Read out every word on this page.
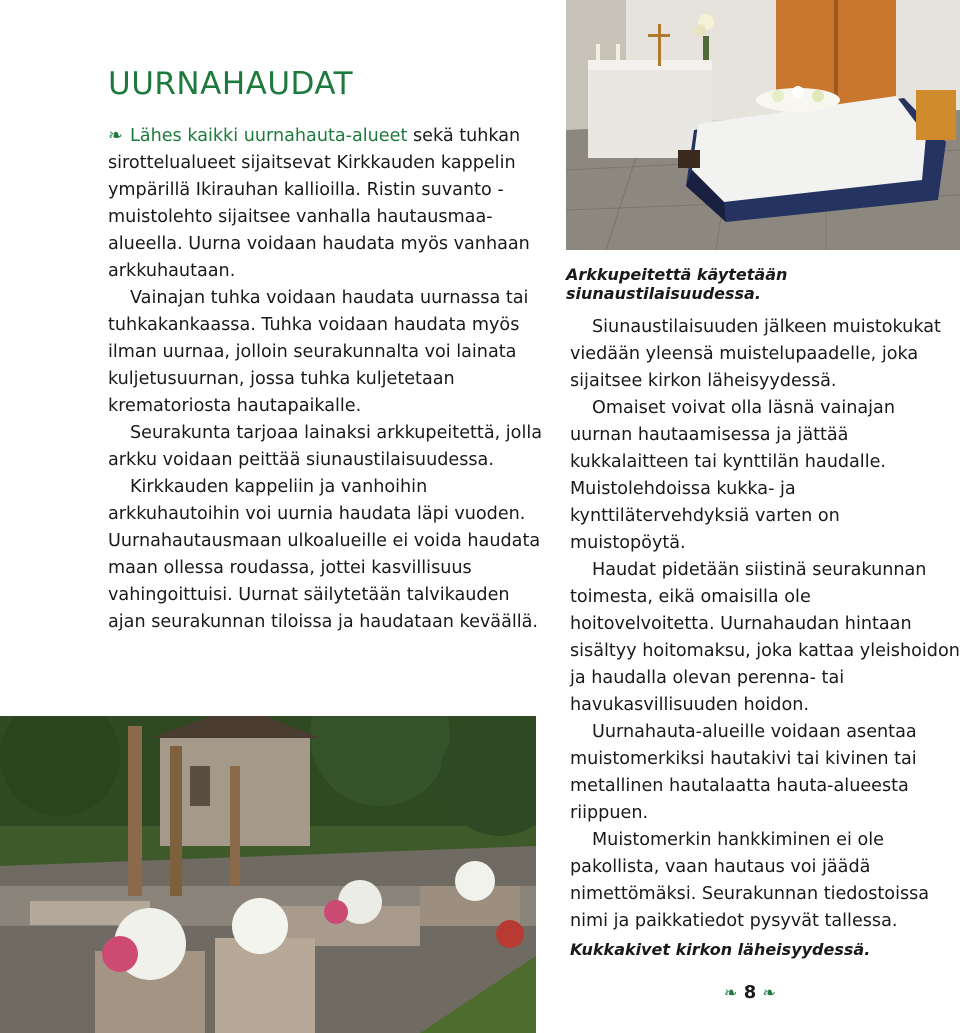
UURNAHAUDAT

❧ Lähes kaikki uurnahauta-alueet sekä tuhkan sirottelualueet sijaitsevat Kirkkauden kappelin ympärillä Ikirauhan kallioilla. Ristin suvanto -muistolehto sijaitsee vanhalla hautausmaa-alueella. Uurna voidaan haudata myös vanhaan arkkuhautaan.

Vainajan tuhka voidaan haudata uurnassa tai tuhkakankaassa. Tuhka voidaan haudata myös ilman uurnaa, jolloin seurakunnalta voi lainata kuljetusuurnan, jossa tuhka kuljetetaan krematoriosta hautapaikalle.

Seurakunta tarjoaa lainaksi arkkupeitettä, jolla arkku voidaan peittää siunaustilaisuudessa.

Kirkkauden kappeliin ja vanhoihin arkkuhautoihin voi uurnia haudata läpi vuoden. Uurnahautausmaan ulkoalueille ei voida haudata maan ollessa roudassa, jottei kasvillisuus vahingoittuisi. Uurnat säilytetään talvikauden ajan seurakunnan tiloissa ja haudataan keväällä.

Arkkupeitettä käytetään siunaustilaisuudessa.

Siunaustilaisuuden jälkeen muistokukat viedään yleensä muistelupaadelle, joka sijaitsee kirkon läheisyydessä.

Omaiset voivat olla läsnä vainajan uurnan hautaamisessa ja jättää kukkalaitteen tai kynttilän haudalle. Muistolehdoissa kukka- ja kynttilätervehdyksiä varten on muistopöytä.

Haudat pidetään siistinä seurakunnan toimesta, eikä omaisilla ole hoitovelvoitetta. Uurnahaudan hintaan sisältyy hoitomaksu, joka kattaa yleishoidon ja haudalla olevan perenna- tai havukasvillisuuden hoidon.

Uurnahauta-alueille voidaan asentaa muistomerkiksi hautakivi tai kivinen tai metallinen hautalaatta hauta-alueesta riippuen.

Muistomerkin hankkiminen ei ole pakollista, vaan hautaus voi jäädä nimettömäksi. Seurakunnan tiedostoissa nimi ja paikkatiedot pysyvät tallessa.

Kukkakivet kirkon läheisyydessä.
❧ 8 ❧
